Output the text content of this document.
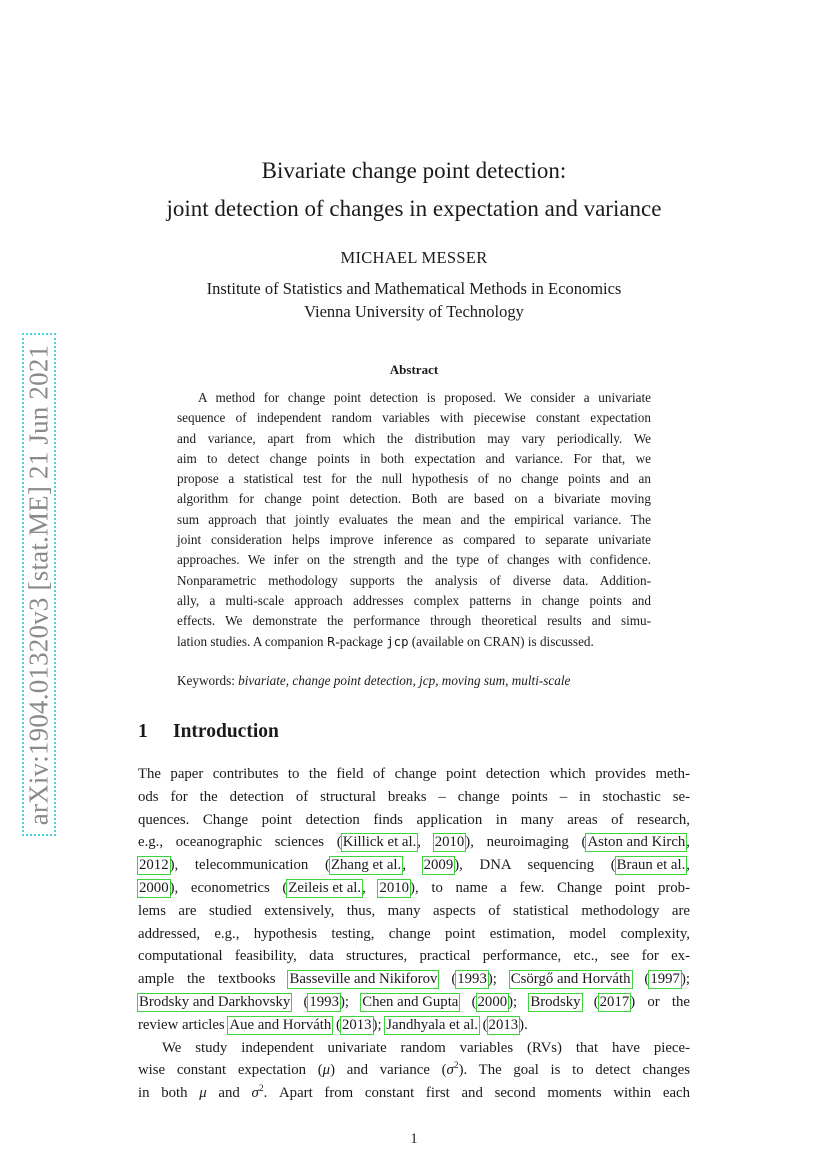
arXiv:1904.01320v3 [stat.ME] 21 Jun 2021
Bivariate change point detection:
joint detection of changes in expectation and variance
MICHAEL MESSER
Institute of Statistics and Mathematical Methods in Economics
Vienna University of Technology
Abstract
A method for change point detection is proposed. We consider a univariate
sequence of independent random variables with piecewise constant expectation
and variance, apart from which the distribution may vary periodically. We
aim to detect change points in both expectation and variance. For that, we
propose a statistical test for the null hypothesis of no change points and an
algorithm for change point detection. Both are based on a bivariate moving
sum approach that jointly evaluates the mean and the empirical variance. The
joint consideration helps improve inference as compared to separate univariate
approaches. We infer on the strength and the type of changes with confidence.
Nonparametric methodology supports the analysis of diverse data. Addition-
ally, a multi-scale approach addresses complex patterns in change points and
effects. We demonstrate the performance through theoretical results and simu-
lation studies. A companion R-package jcp (available on CRAN) is discussed.
Keywords: bivariate, change point detection, jcp, moving sum, multi-scale
1 Introduction
The paper contributes to the field of change point detection which provides meth-
ods for the detection of structural breaks – change points – in stochastic se-
quences. Change point detection finds application in many areas of research,
e.g., oceanographic sciences (Killick et al., 2010), neuroimaging (Aston and Kirch,
2012), telecommunication (Zhang et al., 2009), DNA sequencing (Braun et al.,
2000), econometrics (Zeileis et al., 2010), to name a few. Change point prob-
lems are studied extensively, thus, many aspects of statistical methodology are
addressed, e.g., hypothesis testing, change point estimation, model complexity,
computational feasibility, data structures, practical performance, etc., see for ex-
ample the textbooks Basseville and Nikiforov (1993); Csörgő and Horváth (1997);
Brodsky and Darkhovsky (1993); Chen and Gupta (2000); Brodsky (2017) or the
review articles Aue and Horváth (2013); Jandhyala et al. (2013).
We study independent univariate random variables (RVs) that have piece-
wise constant expectation (μ) and variance $(\sigma^2)$. The goal is to detect changes
in both μ and $\sigma^2$. Apart from constant first and second moments within each
1
